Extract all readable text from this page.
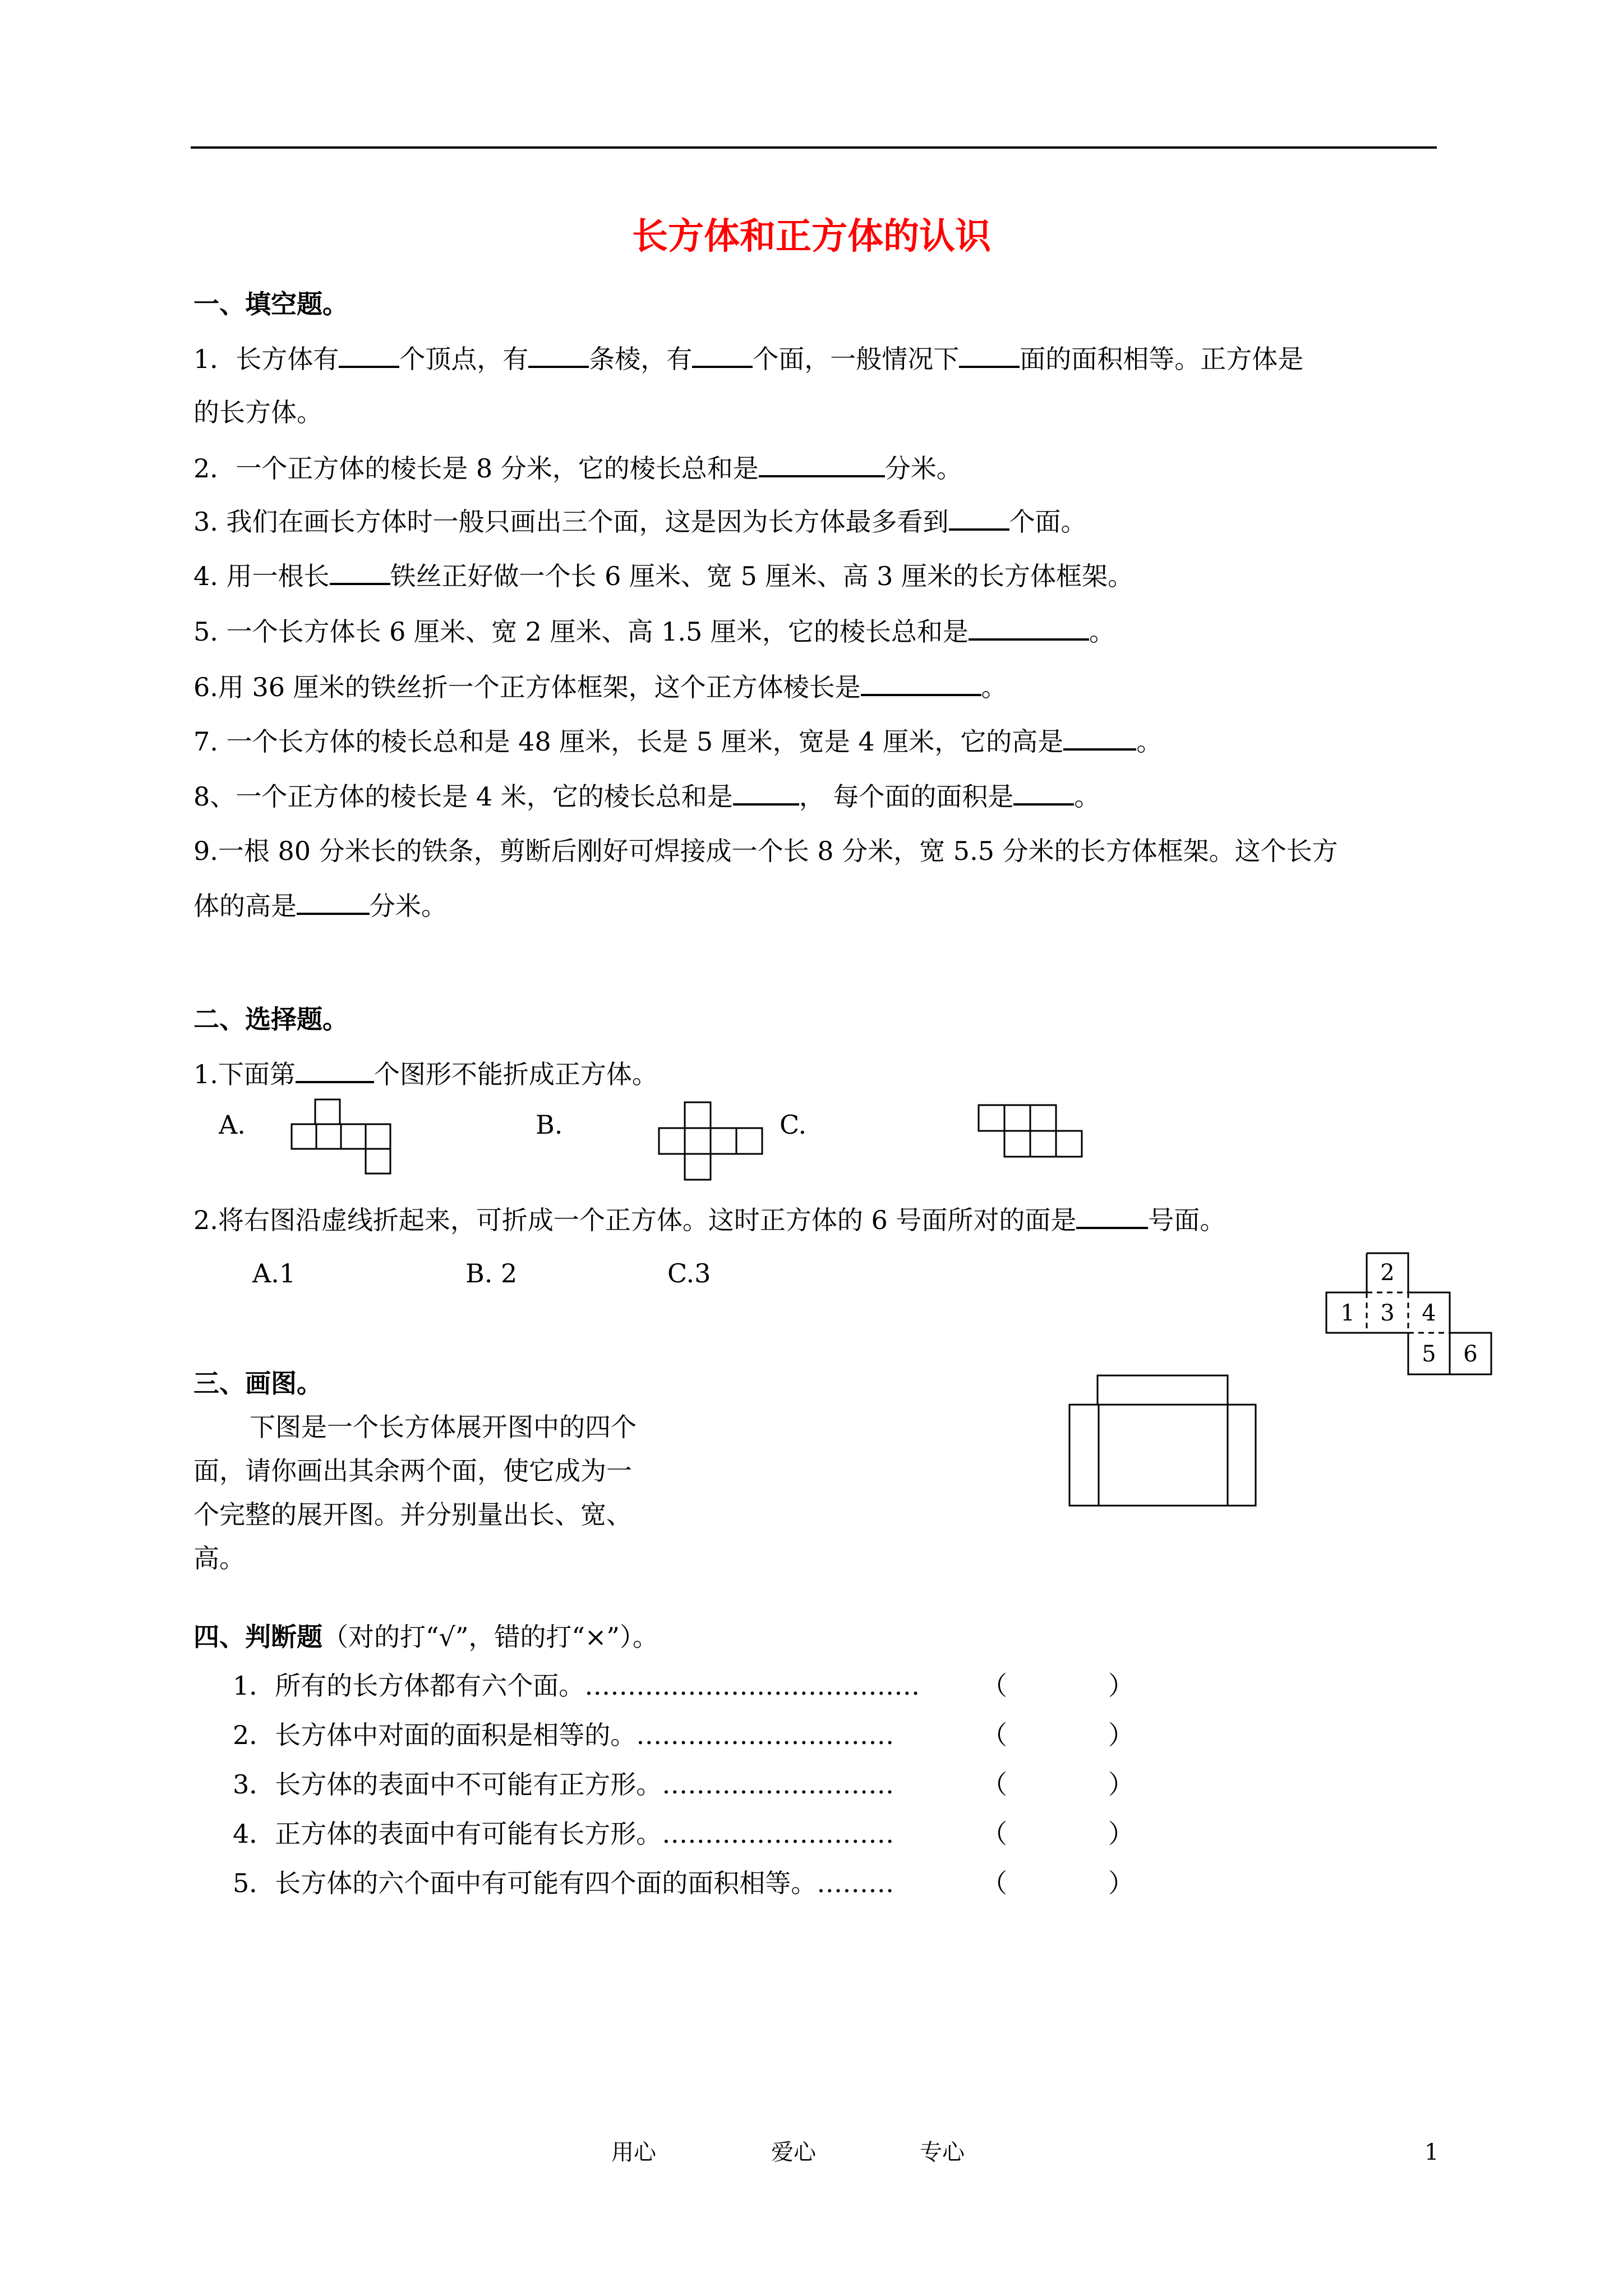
长方体和正方体的认识
一、填空题。
1．长方体有 个顶点，有 条棱，有 个面，一般情况下 面的面积相等。正方体是
的长方体。
2．一个正方体的棱长是 8 分米，它的棱长总和是	分米。
3. 我们在画长方体时一般只画出三个面，这是因为长方体最多看到 个面。
4. 用一根长 铁丝正好做一个长 6 厘米、宽 5 厘米、高 3 厘米的长方体框架。
5. 一个长方体长 6 厘米、宽 2 厘米、高 1.5 厘米，它的棱长总和是	。
6.用 36 厘米的铁丝折一个正方体框架，这个正方体棱长是	。
7. 一个长方体的棱长总和是 48 厘米，长是 5 厘米，宽是 4 厘米，它的高是	。
8、一个正方体的棱长是 4 米，它的棱长总和是	， 每个面的面积是 。
9.一根 80 分米长的铁条，剪断后刚好可焊接成一个长 8 分米，宽 5.5 分米的长方体框架。这个长方
体的高是	分米。
二、选择题。
1.下面第	个图形不能折成正方体。
A.	B.	C.
2.将右图沿虚线折起来，可折成一个正方体。这时正方体的 6 号面所对的面是	号面。
A.1	B. 2	C.3
1
2
3 4
5 6
三、画图。
下图是一个长方体展开图中的四个
面，请你画出其余两个面，使它成为一
个完整的展开图。并分别量出长、宽、
高。
四、判断题（对的打“√”，错的打“×”）。
1．所有的长方体都有六个面。………………………………… （	）
2．长方体中对面的面积是相等的。…………………………	（	）
3．长方体的表面中不可能有正方形。………………………	（	）
4．正方体的表面中有可能有长方形。………………………	（	）
5．长方体的六个面中有可能有四个面的面积相等。………	（	）
用心	爱心	专心	1
